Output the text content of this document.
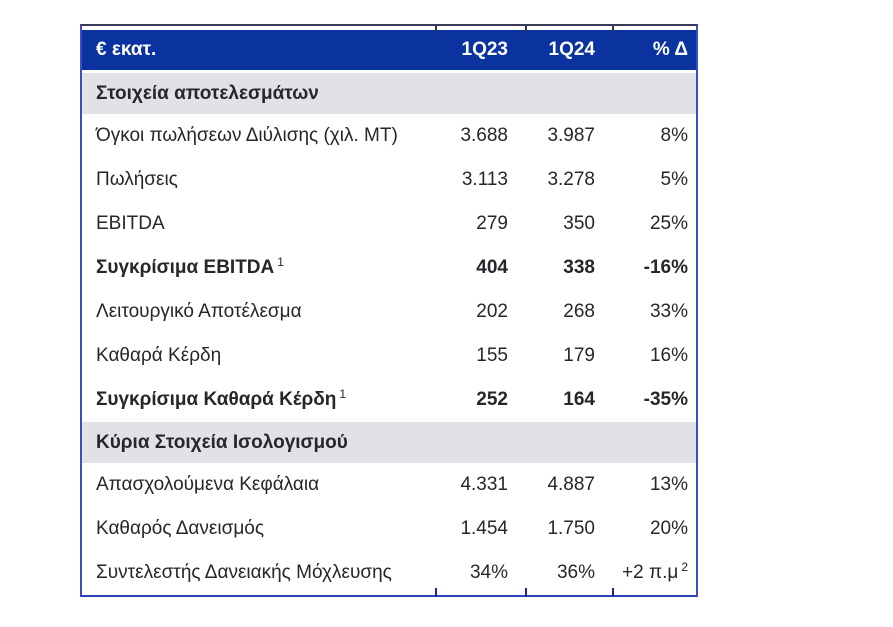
€ εκατ.	1Q23	1Q24	% Δ
Στοιχεία αποτελεσμάτων
Όγκοι πωλήσεων Διύλισης (χιλ. ΜΤ)	3.688	3.987	8%
Πωλήσεις	3.113	3.278	5%
EBITDA	279	350	25%
Συγκρίσιμα EBITDA $^1$	404	338	-16%
Λειτουργικό Αποτέλεσμα	202	268	33%
Καθαρά Κέρδη	155	179	16%
Συγκρίσιμα Καθαρά Κέρδη $^1$	252	164	-35%
Κύρια Στοιχεία Ισολογισμού
Απασχολούμενα Κεφάλαια	4.331	4.887	13%
Καθαρός Δανεισμός	1.454	1.750	20%
Συντελεστής Δανειακής Μόχλευσης	34%	36%	+2 π.μ $^2$
